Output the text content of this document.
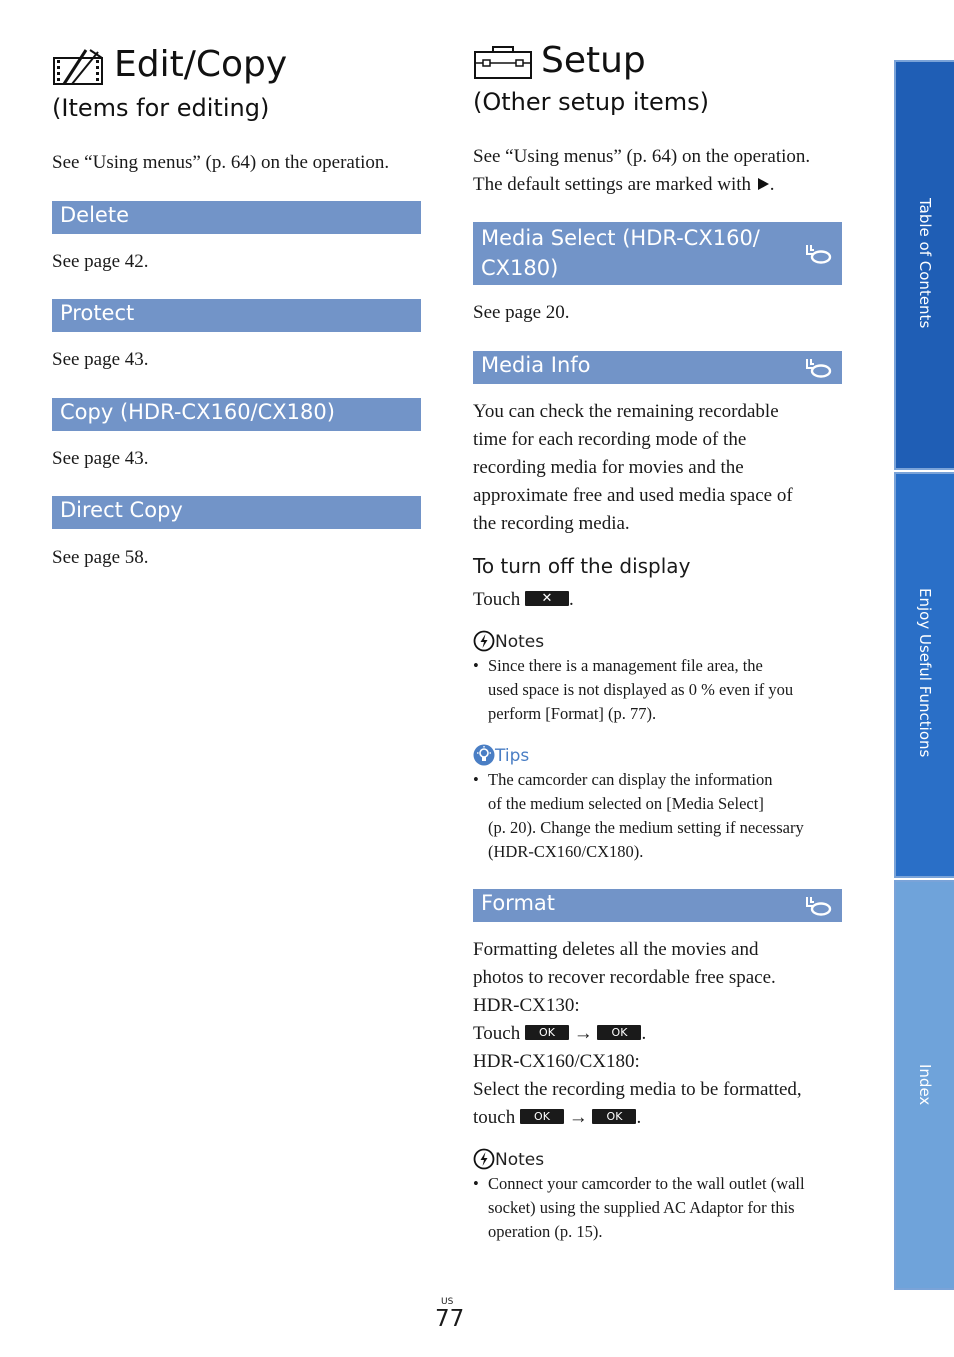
Edit/Copy
(Items for editing)
See “Using menus” (p. 64) on the operation.
Delete
See page 42.
Protect
See page 43.
Copy (HDR-CX160/CX180)
See page 43.
Direct Copy
See page 58.
Setup
(Other setup items)
See “Using menus” (p. 64) on the operation.
The default settings are marked with .
Media Select (HDR-CX160/
CX180)
See page 20.
Media Info
You can check the remaining recordable
time for each recording mode of the
recording media for movies and the
approximate free and used media space of
the recording media.
To turn off the display
Touch ✕ .
Notes
• Since there is a management file area, the
used space is not displayed as 0 % even if you
perform [Format] (p. 77).
Tips
• The camcorder can display the information
of the medium selected on [Media Select]
(p. 20). Change the medium setting if necessary
(HDR-CX160/CX180).
Format
Formatting deletes all the movies and
photos to recover recordable free space.
HDR-CX130:
Touch OK → OK .
HDR-CX160/CX180:
Select the recording media to be formatted,
touch OK → OK .
Notes
• Connect your camcorder to the wall outlet (wall
socket) using the supplied AC Adaptor for this
operation (p. 15).
US
77
Table of Contents
Enjoy Useful Functions
Index
